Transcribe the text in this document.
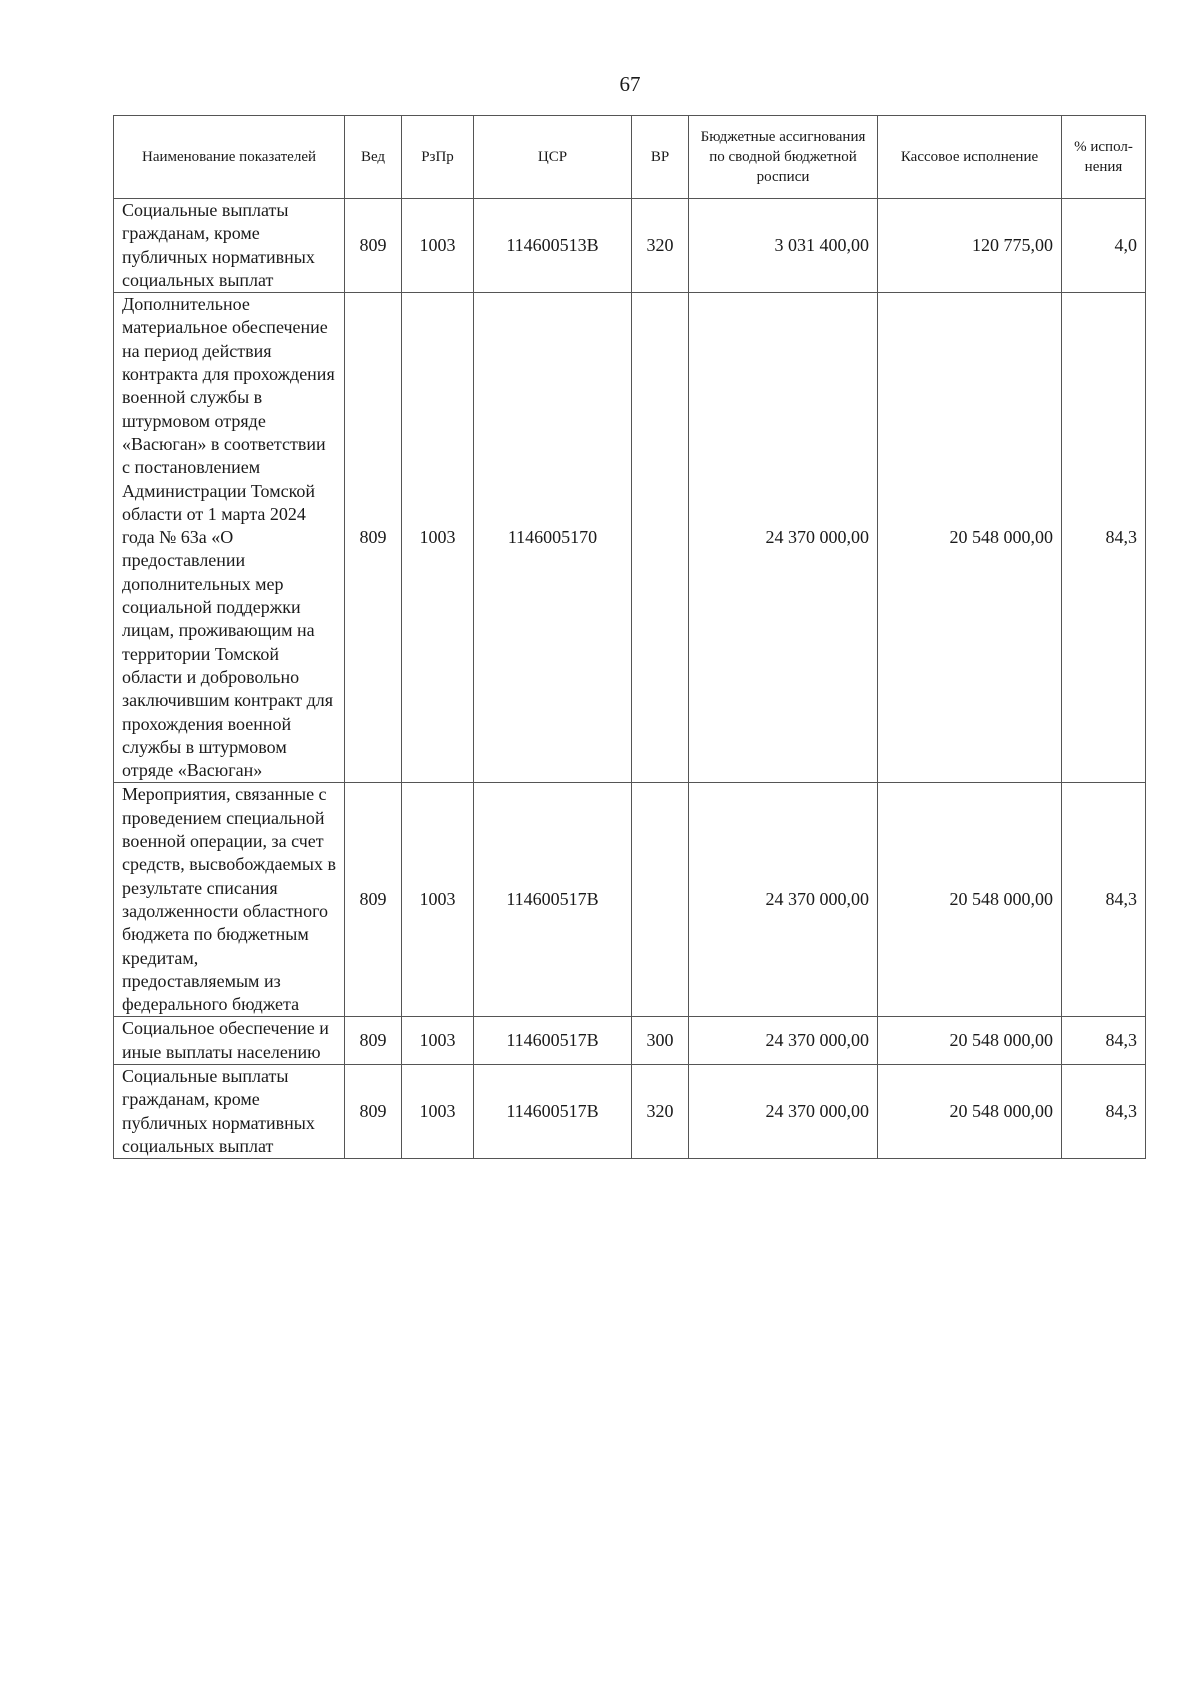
67
Наименование показателей	Вед	РзПр	ЦСР	ВР	Бюджетные ассигнования по сводной бюджетной росписи	Кассовое исполнение	% испол-нения
Социальные выплаты гражданам, кроме публичных нормативных социальных выплат	809	1003	114600513В	320	3 031 400,00	120 775,00	4,0
Дополнительное материальное обеспечение на период действия контракта для прохождения военной службы в штурмовом отряде «Васюган» в соответствии с постановлением Администрации Томской области от 1 марта 2024 года № 63а «О предоставлении дополнительных мер социальной поддержки лицам, проживающим на территории Томской области и добровольно заключившим контракт для прохождения военной службы в штурмовом отряде «Васюган»	809	1003	1146005170		24 370 000,00	20 548 000,00	84,3
Мероприятия, связанные с проведением специальной военной операции, за счет средств, высвобождаемых в результате списания задолженности областного бюджета по бюджетным кредитам, предоставляемым из федерального бюджета	809	1003	114600517В		24 370 000,00	20 548 000,00	84,3
Социальное обеспечение и иные выплаты населению	809	1003	114600517В	300	24 370 000,00	20 548 000,00	84,3
Социальные выплаты гражданам, кроме публичных нормативных социальных выплат	809	1003	114600517В	320	24 370 000,00	20 548 000,00	84,3
